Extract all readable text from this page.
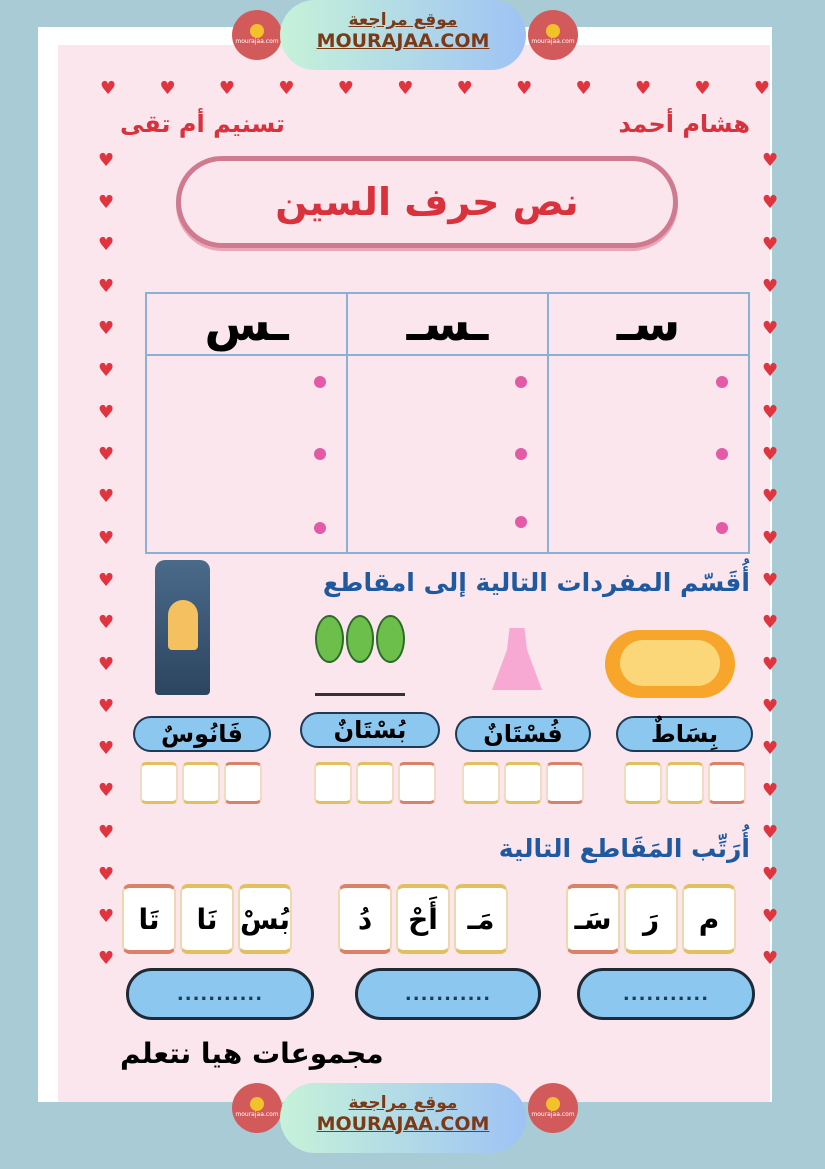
♥ ♥ ♥ ♥ ♥ ♥ ♥ ♥ ♥ ♥ ♥ ♥
♥
♥
♥
♥
♥
♥
♥
♥
♥
♥
♥
♥
♥
♥
♥
♥
♥
♥
♥
♥
♥
♥
♥
♥
♥
♥
♥
♥
♥
♥
♥
♥
♥
♥
♥
♥
♥
♥
♥
♥
هشام أحمد
تسنيم أم تقى
نص حرف السين
ـس	ـسـ	سـ

أُقَسّم المفردات التالية إلى امقاطع
بِسَاطٌ
فُسْتَانٌ
بُسْتَانٌ
فَانُوسٌ
أُرَتِّب المَقَاطع التالية
م
رَ
سَـ
مَـ
أَحْ
دُ
بُسْ
نَا
تَا
...........
...........
...........
مجموعات هيا نتعلم
mourajaa.com	mourajaa.com
موقع مراجعة
MOURAJAA.COM
mourajaa.com	mourajaa.com
موقع مراجعة
MOURAJAA.COM
